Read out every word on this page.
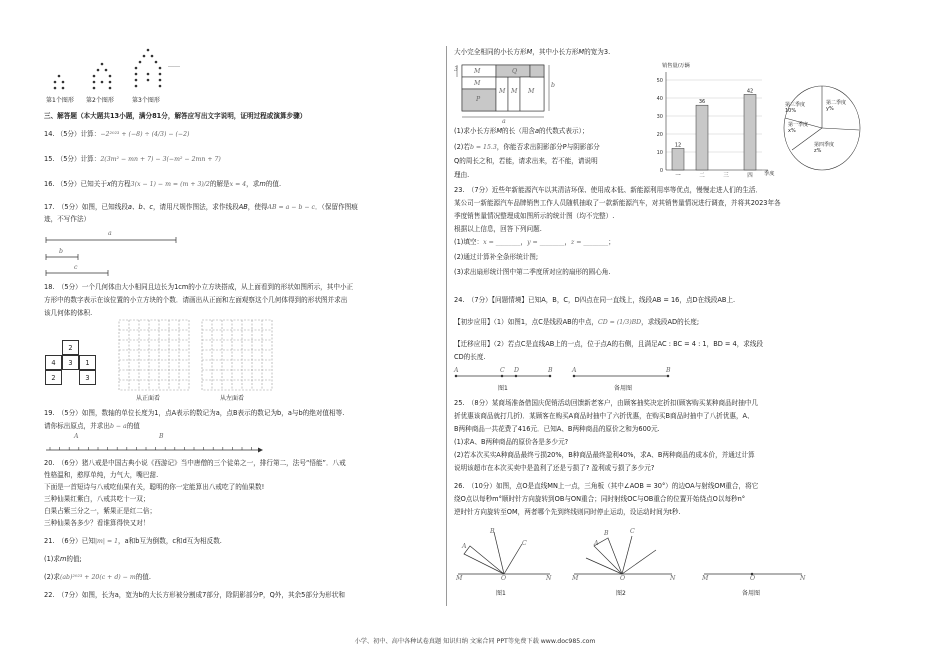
第1个图形 第2个图形	第3个图形
……
三、解答题（本大题共13小题，满分81分，解答应写出文字说明，证明过程或演算步骤）
14. （5分）计算：−2²⁰²³ + (−8) ÷ (4/3) − (−2)
15. （5分）计算：2(3m² − mn + 7) − 3(−m² − 2mn + 7)
16. （5分）已知关于x的方程3(x − 1) − m = (m + 3)/2的解是x = 4，求m的值.
17.　（5分）如图，已知线段a、b、c，请用尺规作图法，求作线段AB，使得AB = a − b − c．（保留作图痕
迹，不写作法）
a
b
c
18.　（5分）一个几何体由大小相同且边长为1cm的小立方块搭成，从上面看到的形状如图所示，其中小正
方形中的数字表示在该位置的小立方块的个数．请画出从正面和左面观察这个几何体得到的形状图并求出
该几何体的体积.
2
4	3	1
2	3
从正面看	从左面看
19.　（5分）如图，数轴的单位长度为1，点A表示的数记为a，点B表示的数记为b，a与b的绝对值相等.
请你标出原点，并求出b − a的值
A	B
20.　（6分）猪八戒是中国古典小说《西游记》当中唐僧的三个徒弟之一，排行第二，法号“悟能”．八戒
性格温和，憨厚单纯，力气大，嘴巴甜.
下面是一首短诗与八戒吃仙果有关，聪明的你一定能算出八戒吃了的仙果数!
三种仙果红紫白，八戒共吃十一双；
白果占紫三分之一，紫果正是红二倍；
三种仙果各多少？看谁算得快又对！
21.　（6分）已知|m| = 1，a和b互为倒数，c和d互为相反数.
(1)求m的值;
(2)求(ab)²⁰²³ + 20(c + d) − m的值.
22.　（7分）如图，长为a，宽为b的大长方形被分割成7部分，除阴影部分P，Q外，其余5部分为形状和
大小完全相同的小长方形M，其中小长方形M的宽为3.
3	M
M
Q
P
M M M
a
b
(1)求小长方形M的长（用含a的代数式表示）；
(2)若b = 15.3，你能否求出阴影部分P与阴影部分
Q的周长之和，若能，请求出来，若不能，请说明
理由.
0
10
20
30
40
50
12
一
36
二	三
42
四
销售量/万辆
季度
第三季度
10%
第二季度
y%
第一季度
x%
第四季度
z%
23.　（7分）近些年新能源汽车以其清洁环保、使用成本低、新能源利用率等优点，慢慢走进人们的生活．
某公司一新能源汽车品牌销售工作人员随机抽取了一款新能源汽车，对其销售量情况进行调查，并将其2023年各
季度销售量情况整理成如图所示的统计图（均不完整）.
根据以上信息，回答下列问题.
(1)填空：x = ________，y = ________，z = ________；
(2)通过计算补全条形统计图;
(3)求出扇形统计图中第二季度所对应的扇形的圆心角.
24.　（7分）【问题情境】已知A，B，C，D四点在同一直线上，线段AB = 16，点D在线段AB上.
【初步应用】（1）如图1，点C是线段AB的中点，CD = (1/3)BD，求线段AD的长度;
【迁移应用】（2）若点C是直线AB上的一点，位于点A的右侧，且满足AC : BC = 4 : 1，BD = 4，求线段
CD的长度.
A	C D	B
图1
A	B
备用图
25.　（8分）某商场准备借国庆促销活动回馈新老客户，由顾客抽奖决定折扣(顾客购买某种商品时抽中几
折优惠该商品就打几折)．某顾客在购买A商品时抽中了六折优惠，在购买B商品时抽中了八折优惠，A、
B两种商品一共花费了416元．已知A、B两种商品的原价之和为600元.
(1)求A、B两种商品的原价各是多少元?
(2)若本次买实A种商品最终亏损20%，B种商品最终盈利40%，求A、B两种商品的成本价，并通过计算
说明该超市在本次买卖中是盈利了还是亏损了? 盈利或亏损了多少元?
26.　（10分）如图，点O是直线MN上一点，三角板（其中∠AOB = 30°）的边OA与射线OM重合，将它
绕O点以每秒m°顺时针方向旋转到OB与ON重合；同时射线OC与OB重合的位置开始绕点O以每秒n°
逆时针方向旋转至OM，两者哪个先到终线则同时停止运动，设运动时间为t秒.
M	O	N
A
B
C
图1
M	O	N
A
B	C
图2
M	O	N
备用图
小学、初中、高中各种试卷真题 知识归纳 文案合同 PPT等免费下载 www.doc985.com
